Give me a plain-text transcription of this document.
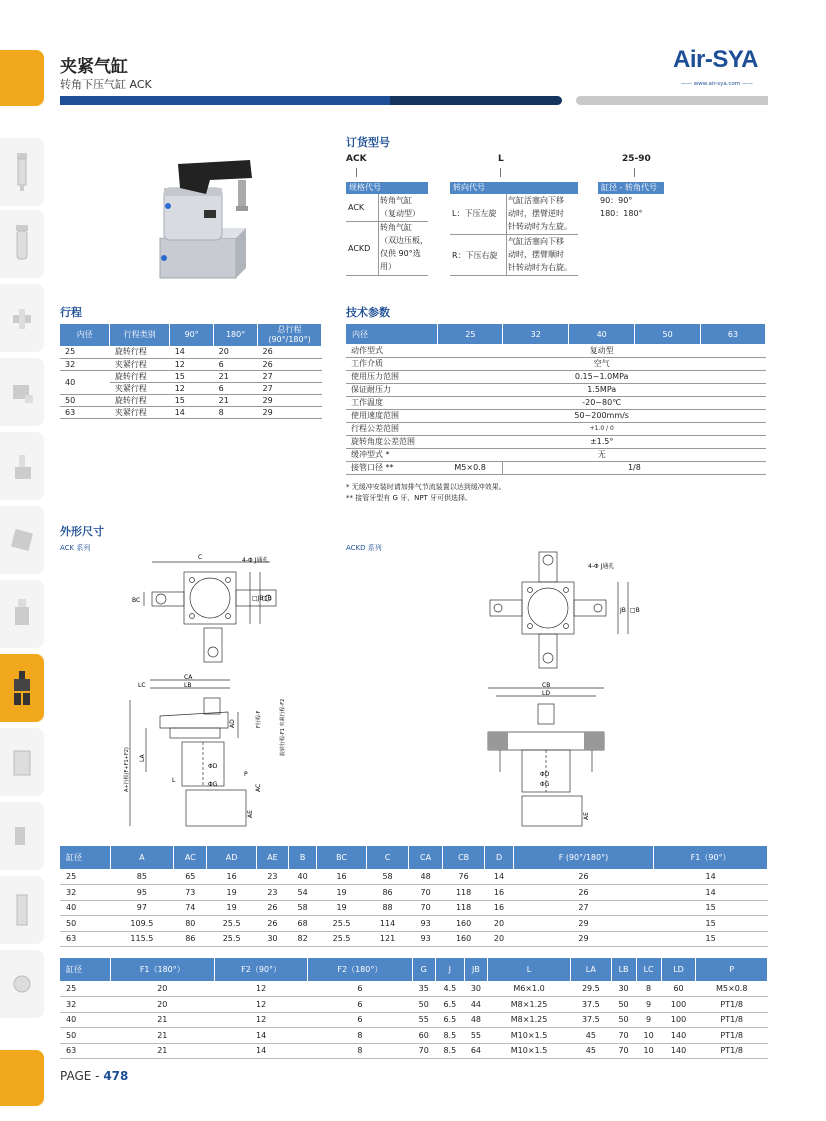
夹紧气缸
转角下压气缸 ACK
Air-SYA
—— www.air-sya.com ——
订货型号
ACK	L	25-90
规格代号
ACK
转角气缸
（复动型）
ACKD
转角气缸
（双边压板，
仅供 90°选
用）
转向代号
L：下压左旋
气缸活塞向下移
动时，摆臂逆时
针转动时为左旋。
R：下压右旋
气缸活塞向下移
动时，摆臂顺时
针转动时为右旋。
缸径 - 转角代号
90：90°
180：180°
行程
内径	行程类别	90°	180°	总行程
(90°/180°)
25	旋转行程	14	20	26
32	夹紧行程	12	6	26
40	旋转行程	15	21	27
	夹紧行程	12	6	27
50	旋转行程	15	21	29
63	夹紧行程	14	8	29
技术参数
内径	25	32	40	50	63
动作型式	复动型				
工作介质	空气				
使用压力范围	0.15~1.0MPa				
保证耐压力	1.5MPa				
工作温度	-20~80℃				
使用速度范围	50~200mm/s				
行程公差范围	+1.0 / 0				
旋转角度公差范围	±1.5°				
缓冲型式 *	无				
接管口径 **	M5×0.8	1/8			
* 无缓冲安装时请加排气节流装置以达到缓冲效果。
** 接管牙型有 G 牙、NPT 牙可供选择。
外形尺寸
ACK 系列	ACKD 系列
C	4-Φ J通孔
BC	□JB
□B
CA
LB
LC
AD	F行程-F	旋转行程-F1 夹紧行程-F2
A+行程(F+F1+F2) LA
L
ΦD
ΦG
P
AC
AE
4-Φ J通孔
JB □B
CB
LD
ΦD
ΦG
AE
缸径	A	AC	AD	AE	B	BC	C	CA	CB	D	F (90°/180°)	F1（90°）
25	85	65	16	23	40	16	58	48	76	14	26	14
32	95	73	19	23	54	19	86	70	118	16	26	14
40	97	74	19	26	58	19	88	70	118	16	27	15
50	109.5	80	25.5	26	68	25.5	114	93	160	20	29	15
63	115.5	86	25.5	30	82	25.5	121	93	160	20	29	15
缸径	F1（180°）	F2（90°）	F2（180°）	G	J	JB	L	LA	LB	LC	LD	P
25	20	12	6	35	4.5	30	M6×1.0	29.5	30	8	60	M5×0.8
32	20	12	6	50	6.5	44	M8×1.25	37.5	50	9	100	PT1/8
40	21	12	6	55	6.5	48	M8×1.25	37.5	50	9	100	PT1/8
50	21	14	8	60	8.5	55	M10×1.5	45	70	10	140	PT1/8
63	21	14	8	70	8.5	64	M10×1.5	45	70	10	140	PT1/8
PAGE - 478
